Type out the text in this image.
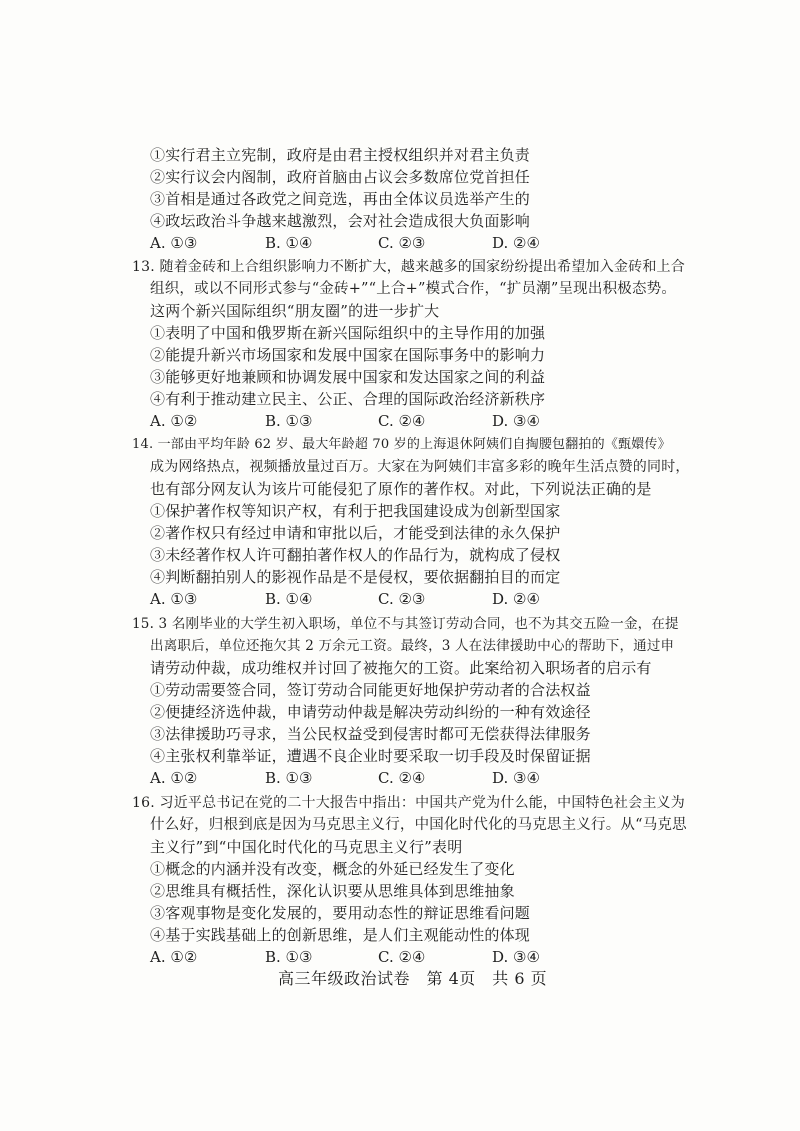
①实行君主立宪制，政府是由君主授权组织并对君主负责
②实行议会内阁制，政府首脑由占议会多数席位党首担任
③首相是通过各政党之间竞选，再由全体议员选举产生的
④政坛政治斗争越来越激烈，会对社会造成很大负面影响
A. ①③	B. ①④	C. ②③	D. ②④
13. 随着金砖和上合组织影响力不断扩大，越来越多的国家纷纷提出希望加入金砖和上合
组织，或以不同形式参与“金砖+”“上合+”模式合作，“扩员潮”呈现出积极态势。
这两个新兴国际组织“朋友圈”的进一步扩大
①表明了中国和俄罗斯在新兴国际组织中的主导作用的加强
②能提升新兴市场国家和发展中国家在国际事务中的影响力
③能够更好地兼顾和协调发展中国家和发达国家之间的利益
④有利于推动建立民主、公正、合理的国际政治经济新秩序
A. ①②	B. ①③	C. ②④	D. ③④
14. 一部由平均年龄 62 岁、最大年龄超 70 岁的上海退休阿姨们自掏腰包翻拍的《甄嬛传》
成为网络热点，视频播放量过百万。大家在为阿姨们丰富多彩的晚年生活点赞的同时，
也有部分网友认为该片可能侵犯了原作的著作权。对此，下列说法正确的是
①保护著作权等知识产权，有利于把我国建设成为创新型国家
②著作权只有经过申请和审批以后，才能受到法律的永久保护
③未经著作权人许可翻拍著作权人的作品行为，就构成了侵权
④判断翻拍别人的影视作品是不是侵权，要依据翻拍目的而定
A. ①③	B. ①④	C. ②③	D. ②④
15. 3 名刚毕业的大学生初入职场，单位不与其签订劳动合同，也不为其交五险一金，在提
出离职后，单位还拖欠其 2 万余元工资。最终，3 人在法律援助中心的帮助下，通过申
请劳动仲裁，成功维权并讨回了被拖欠的工资。此案给初入职场者的启示有
①劳动需要签合同，签订劳动合同能更好地保护劳动者的合法权益
②便捷经济选仲裁，申请劳动仲裁是解决劳动纠纷的一种有效途径
③法律援助巧寻求，当公民权益受到侵害时都可无偿获得法律服务
④主张权利靠举证，遭遇不良企业时要采取一切手段及时保留证据
A. ①②	B. ①③	C. ②④	D. ③④
16. 习近平总书记在党的二十大报告中指出：中国共产党为什么能，中国特色社会主义为
什么好，归根到底是因为马克思主义行，中国化时代化的马克思主义行。从“马克思
主义行”到“中国化时代化的马克思主义行”表明
①概念的内涵并没有改变，概念的外延已经发生了变化
②思维具有概括性，深化认识要从思维具体到思维抽象
③客观事物是变化发展的，要用动态性的辩证思维看问题
④基于实践基础上的创新思维，是人们主观能动性的体现
A. ①②	B. ①③	C. ②④	D. ③④
高三年级政治试卷　第 4页　共 6 页
